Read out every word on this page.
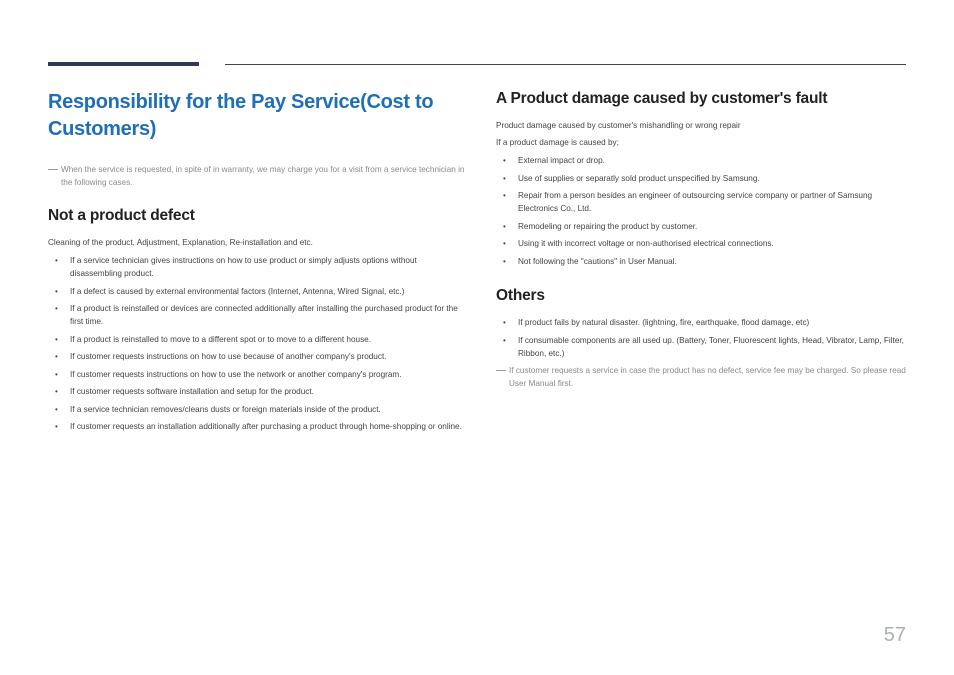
Responsibility for the Pay Service(Cost to Customers)
When the service is requested, in spite of in warranty, we may charge you for a visit from a service technician in the following cases.
Not a product defect
Cleaning of the product, Adjustment, Explanation, Re-installation and etc.
• If a service technician gives instructions on how to use product or simply adjusts options without disassembling product.
• If a defect is caused by external environmental factors (Internet, Antenna, Wired Signal, etc.)
• If a product is reinstalled or devices are connected additionally after installing the purchased product for the first time.
• If a product is reinstalled to move to a different spot or to move to a different house.
• If customer requests instructions on how to use because of another company's product.
• If customer requests instructions on how to use the network or another company's program.
• If customer requests software installation and setup for the product.
• If a service technician removes/cleans dusts or foreign materials inside of the product.
• If customer requests an installation additionally after purchasing a product through home-shopping or online.
A Product damage caused by customer's fault
Product damage caused by customer's mishandling or wrong repair
If a product damage is caused by;
• External impact or drop.
• Use of supplies or separatly sold product unspecified by Samsung.
• Repair from a person besides an engineer of outsourcing service company or partner of Samsung Electronics Co., Ltd.
• Remodeling or repairing the product by customer.
• Using it with incorrect voltage or non-authorised electrical connections.
• Not following the "cautions" in User Manual.
Others
• If product fails by natural disaster. (lightning, fire, earthquake, flood damage, etc)
• If consumable components are all used up. (Battery, Toner, Fluorescent lights, Head, Vibrator, Lamp, Filter, Ribbon, etc.)
If customer requests a service in case the product has no defect, service fee may be charged. So please read User Manual first.
57
